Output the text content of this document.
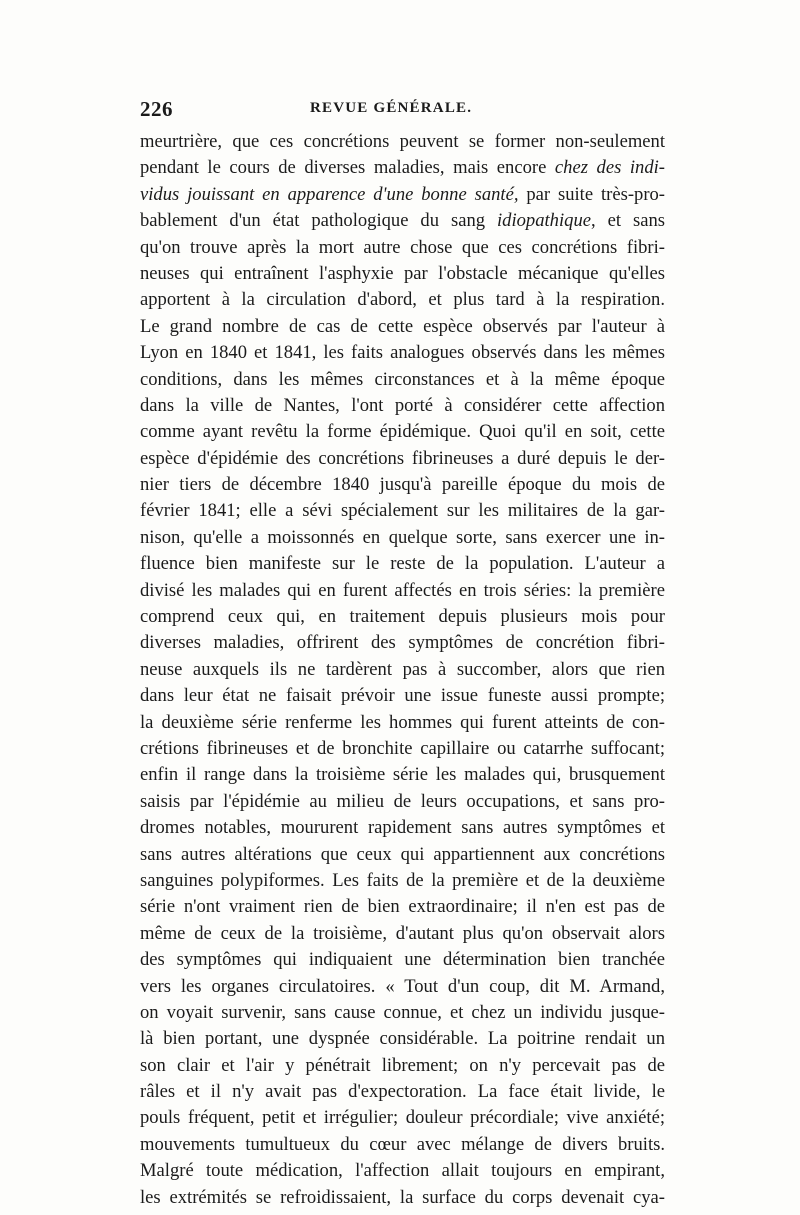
226	REVUE GÉNÉRALE.
meurtrière, que ces concrétions peuvent se former non-seulement
pendant le cours de diverses maladies, mais encore chez des indi-
vidus jouissant en apparence d'une bonne santé, par suite très-pro-
bablement d'un état pathologique du sang idiopathique, et sans
qu'on trouve après la mort autre chose que ces concrétions fibri-
neuses qui entraînent l'asphyxie par l'obstacle mécanique qu'elles
apportent à la circulation d'abord, et plus tard à la respiration.
Le grand nombre de cas de cette espèce observés par l'auteur à
Lyon en 1840 et 1841, les faits analogues observés dans les mêmes
conditions, dans les mêmes circonstances et à la même époque
dans la ville de Nantes, l'ont porté à considérer cette affection
comme ayant revêtu la forme épidémique. Quoi qu'il en soit, cette
espèce d'épidémie des concrétions fibrineuses a duré depuis le der-
nier tiers de décembre 1840 jusqu'à pareille époque du mois de
février 1841; elle a sévi spécialement sur les militaires de la gar-
nison, qu'elle a moissonnés en quelque sorte, sans exercer une in-
fluence bien manifeste sur le reste de la population. L'auteur a
divisé les malades qui en furent affectés en trois séries: la première
comprend ceux qui, en traitement depuis plusieurs mois pour
diverses maladies, offrirent des symptômes de concrétion fibri-
neuse auxquels ils ne tardèrent pas à succomber, alors que rien
dans leur état ne faisait prévoir une issue funeste aussi prompte;
la deuxième série renferme les hommes qui furent atteints de con-
crétions fibrineuses et de bronchite capillaire ou catarrhe suffocant;
enfin il range dans la troisième série les malades qui, brusquement
saisis par l'épidémie au milieu de leurs occupations, et sans pro-
dromes notables, moururent rapidement sans autres symptômes et
sans autres altérations que ceux qui appartiennent aux concrétions
sanguines polypiformes. Les faits de la première et de la deuxième
série n'ont vraiment rien de bien extraordinaire; il n'en est pas de
même de ceux de la troisième, d'autant plus qu'on observait alors
des symptômes qui indiquaient une détermination bien tranchée
vers les organes circulatoires. « Tout d'un coup, dit M. Armand,
on voyait survenir, sans cause connue, et chez un individu jusque-
là bien portant, une dyspnée considérable. La poitrine rendait un
son clair et l'air y pénétrait librement; on n'y percevait pas de
râles et il n'y avait pas d'expectoration. La face était livide, le
pouls fréquent, petit et irrégulier; douleur précordiale; vive anxiété;
mouvements tumultueux du cœur avec mélange de divers bruits.
Malgré toute médication, l'affection allait toujours en empirant,
les extrémités se refroidissaient, la surface du corps devenait cya-
